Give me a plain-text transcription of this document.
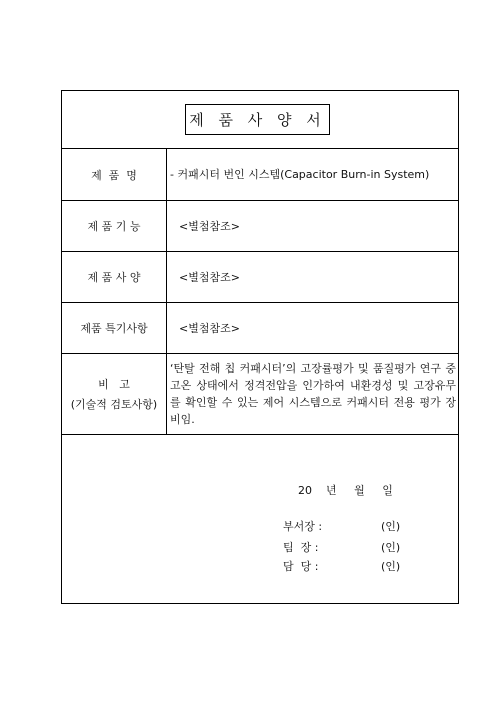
제 품 사 양 서
제  품  명	- 커패시터 번인 시스템(Capacitor Burn-in System)
제 품 기 능	<별첨참조>
제 품 사 양	<별첨참조>
제품 특기사항	<별첨참조>

비   고
(기술적 검토사항)	‘탄탈 전해 칩 커패시터’의 고장률평가 및 품질평가 연구 중 고온 상태에서 정격전압을 인가하여 내환경성 및 고장유무를 확인할 수 있는 제어 시스템으로 커패시터 전용 평가 장비임.
20    년     월     일
부서장 :	(인)
팀  장 :	(인)
담  당 :	(인)
